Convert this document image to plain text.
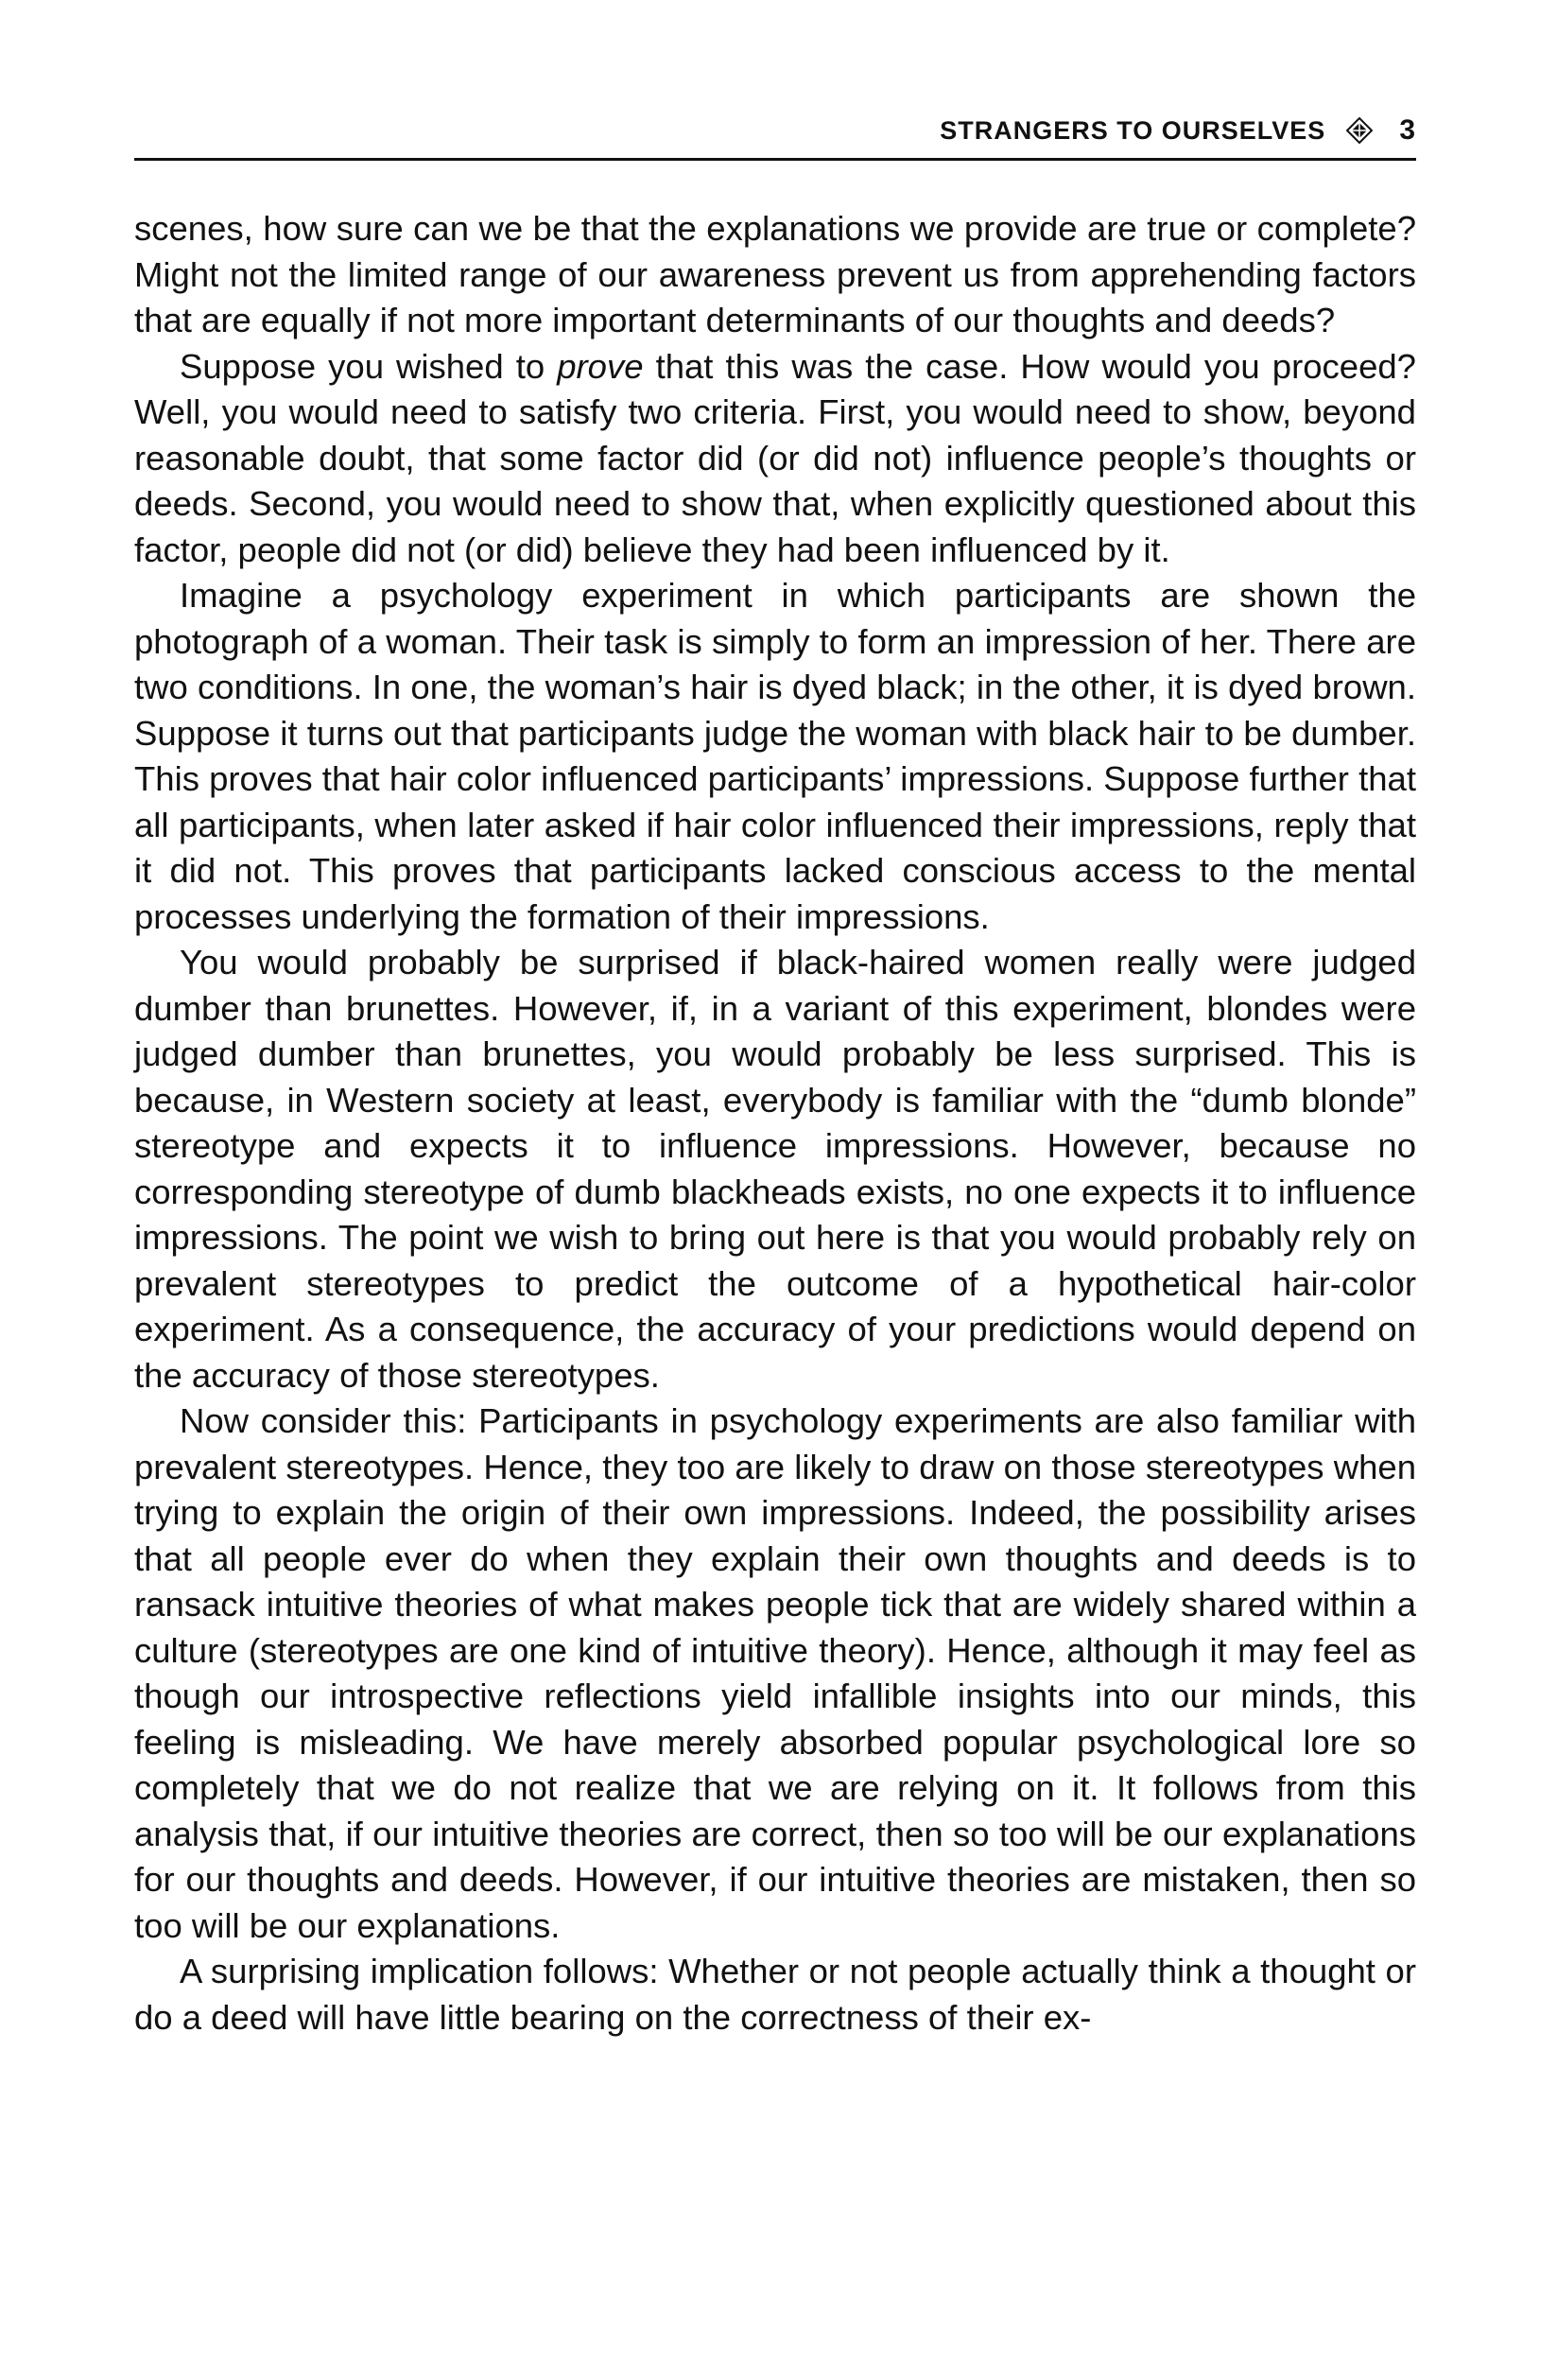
STRANGERS TO OURSELVES	3

scenes, how sure can we be that the explanations we provide are true or complete? Might not the limited range of our awareness prevent us from apprehending factors that are equally if not more important determinants of our thoughts and deeds?

Suppose you wished to prove that this was the case. How would you proceed? Well, you would need to satisfy two criteria. First, you would need to show, beyond reasonable doubt, that some factor did (or did not) influence people’s thoughts or deeds. Second, you would need to show that, when explicitly questioned about this factor, people did not (or did) believe they had been influenced by it.

Imagine a psychology experiment in which participants are shown the photograph of a woman. Their task is simply to form an impression of her. There are two conditions. In one, the woman’s hair is dyed black; in the other, it is dyed brown. Suppose it turns out that participants judge the woman with black hair to be dumber. This proves that hair color influenced participants’ impressions. Suppose further that all participants, when later asked if hair color influenced their impressions, reply that it did not. This proves that participants lacked conscious access to the mental processes underlying the formation of their impressions.

You would probably be surprised if black-haired women really were judged dumber than brunettes. However, if, in a variant of this experiment, blondes were judged dumber than brunettes, you would probably be less surprised. This is because, in Western society at least, everybody is familiar with the “dumb blonde” stereotype and expects it to influence impressions. However, because no corresponding stereotype of dumb blackheads exists, no one expects it to influence impressions. The point we wish to bring out here is that you would probably rely on prevalent stereotypes to predict the outcome of a hypothetical hair-color experiment. As a consequence, the accuracy of your predictions would depend on the accuracy of those stereotypes.

Now consider this: Participants in psychology experiments are also familiar with prevalent stereotypes. Hence, they too are likely to draw on those stereotypes when trying to explain the origin of their own impressions. Indeed, the possibility arises that all people ever do when they explain their own thoughts and deeds is to ransack intuitive theories of what makes people tick that are widely shared within a culture (stereotypes are one kind of intuitive theory). Hence, although it may feel as though our introspective reflections yield infallible insights into our minds, this feeling is misleading. We have merely absorbed popular psychological lore so completely that we do not realize that we are relying on it. It follows from this analysis that, if our intuitive theories are correct, then so too will be our explanations for our thoughts and deeds. However, if our intuitive theories are mistaken, then so too will be our explanations.

A surprising implication follows: Whether or not people actually think a thought or do a deed will have little bearing on the correctness of their ex-
